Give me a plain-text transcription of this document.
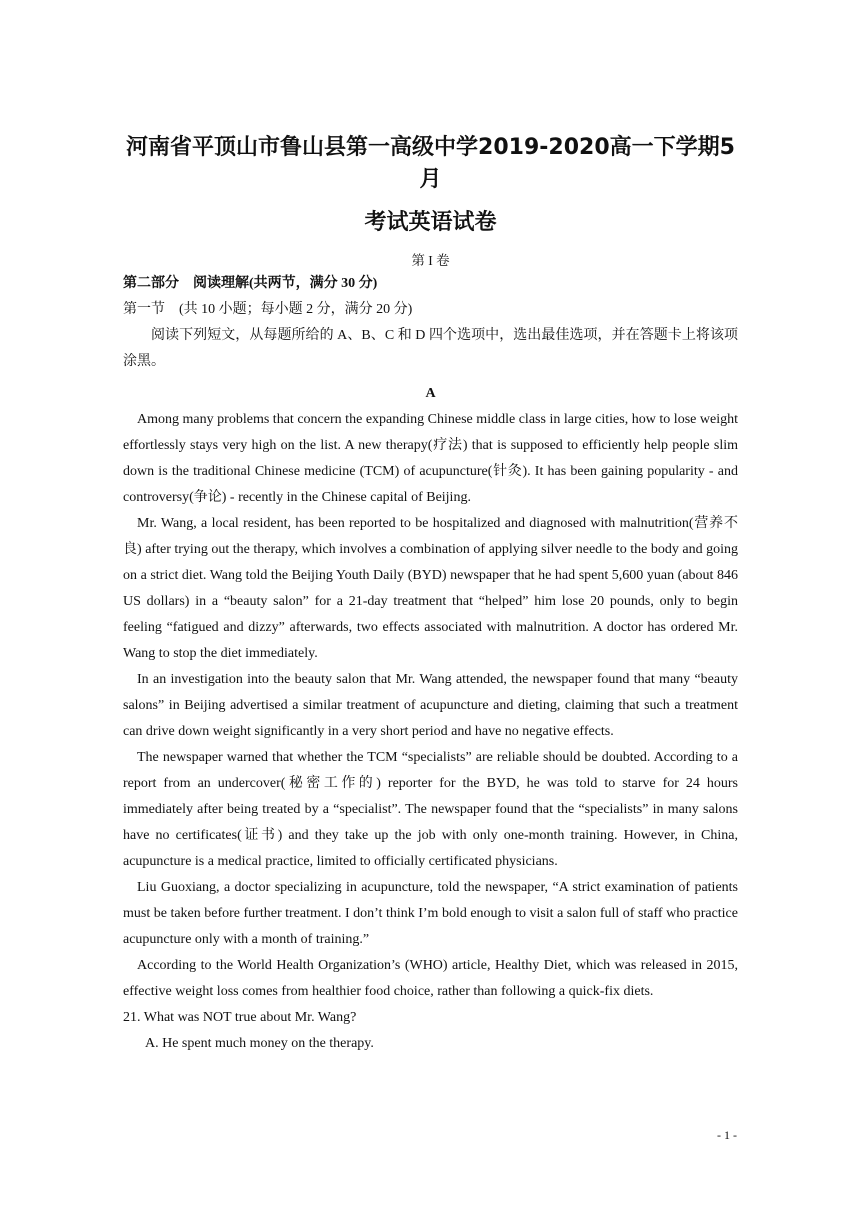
河南省平顶山市鲁山县第一高级中学2019-2020高一下学期5月
考试英语试卷
第 I 卷
第二部分　阅读理解(共两节，满分 30 分)
第一节　(共 10 小题；每小题 2 分，满分 20 分)

阅读下列短文，从每题所给的 A、B、C 和 D 四个选项中，选出最佳选项，并在答题卡上将该项涂黑。

A

Among many problems that concern the expanding Chinese middle class in large cities, how to lose weight effortlessly stays very high on the list. A new therapy(疗法) that is supposed to efficiently help people slim down is the traditional Chinese medicine (TCM) of acupuncture(针灸). It has been gaining popularity - and controversy(争论) - recently in the Chinese capital of Beijing.

Mr. Wang, a local resident, has been reported to be hospitalized and diagnosed with malnutrition(营养不良) after trying out the therapy, which involves a combination of applying silver needle to the body and going on a strict diet. Wang told the Beijing Youth Daily (BYD) newspaper that he had spent 5,600 yuan (about 846 US dollars) in a “beauty salon” for a 21-day treatment that “helped” him lose 20 pounds, only to begin feeling “fatigued and dizzy” afterwards, two effects associated with malnutrition. A doctor has ordered Mr. Wang to stop the diet immediately.

In an investigation into the beauty salon that Mr. Wang attended, the newspaper found that many “beauty salons” in Beijing advertised a similar treatment of acupuncture and dieting, claiming that such a treatment can drive down weight significantly in a very short period and have no negative effects.

The newspaper warned that whether the TCM “specialists” are reliable should be doubted. According to a report from an undercover(秘密工作的) reporter for the BYD, he was told to starve for 24 hours immediately after being treated by a “specialist”. The newspaper found that the “specialists” in many salons have no certificates(证书) and they take up the job with only one-month training. However, in China, acupuncture is a medical practice, limited to officially certificated physicians.

Liu Guoxiang, a doctor specializing in acupuncture, told the newspaper, “A strict examination of patients must be taken before further treatment. I don’t think I’m bold enough to visit a salon full of staff who practice acupuncture only with a month of training.”

According to the World Health Organization’s (WHO) article, Healthy Diet, which was released in 2015, effective weight loss comes from healthier food choice, rather than following a quick-fix diets.

21. What was NOT true about Mr. Wang?

A. He spent much money on the therapy.

- 1 -
